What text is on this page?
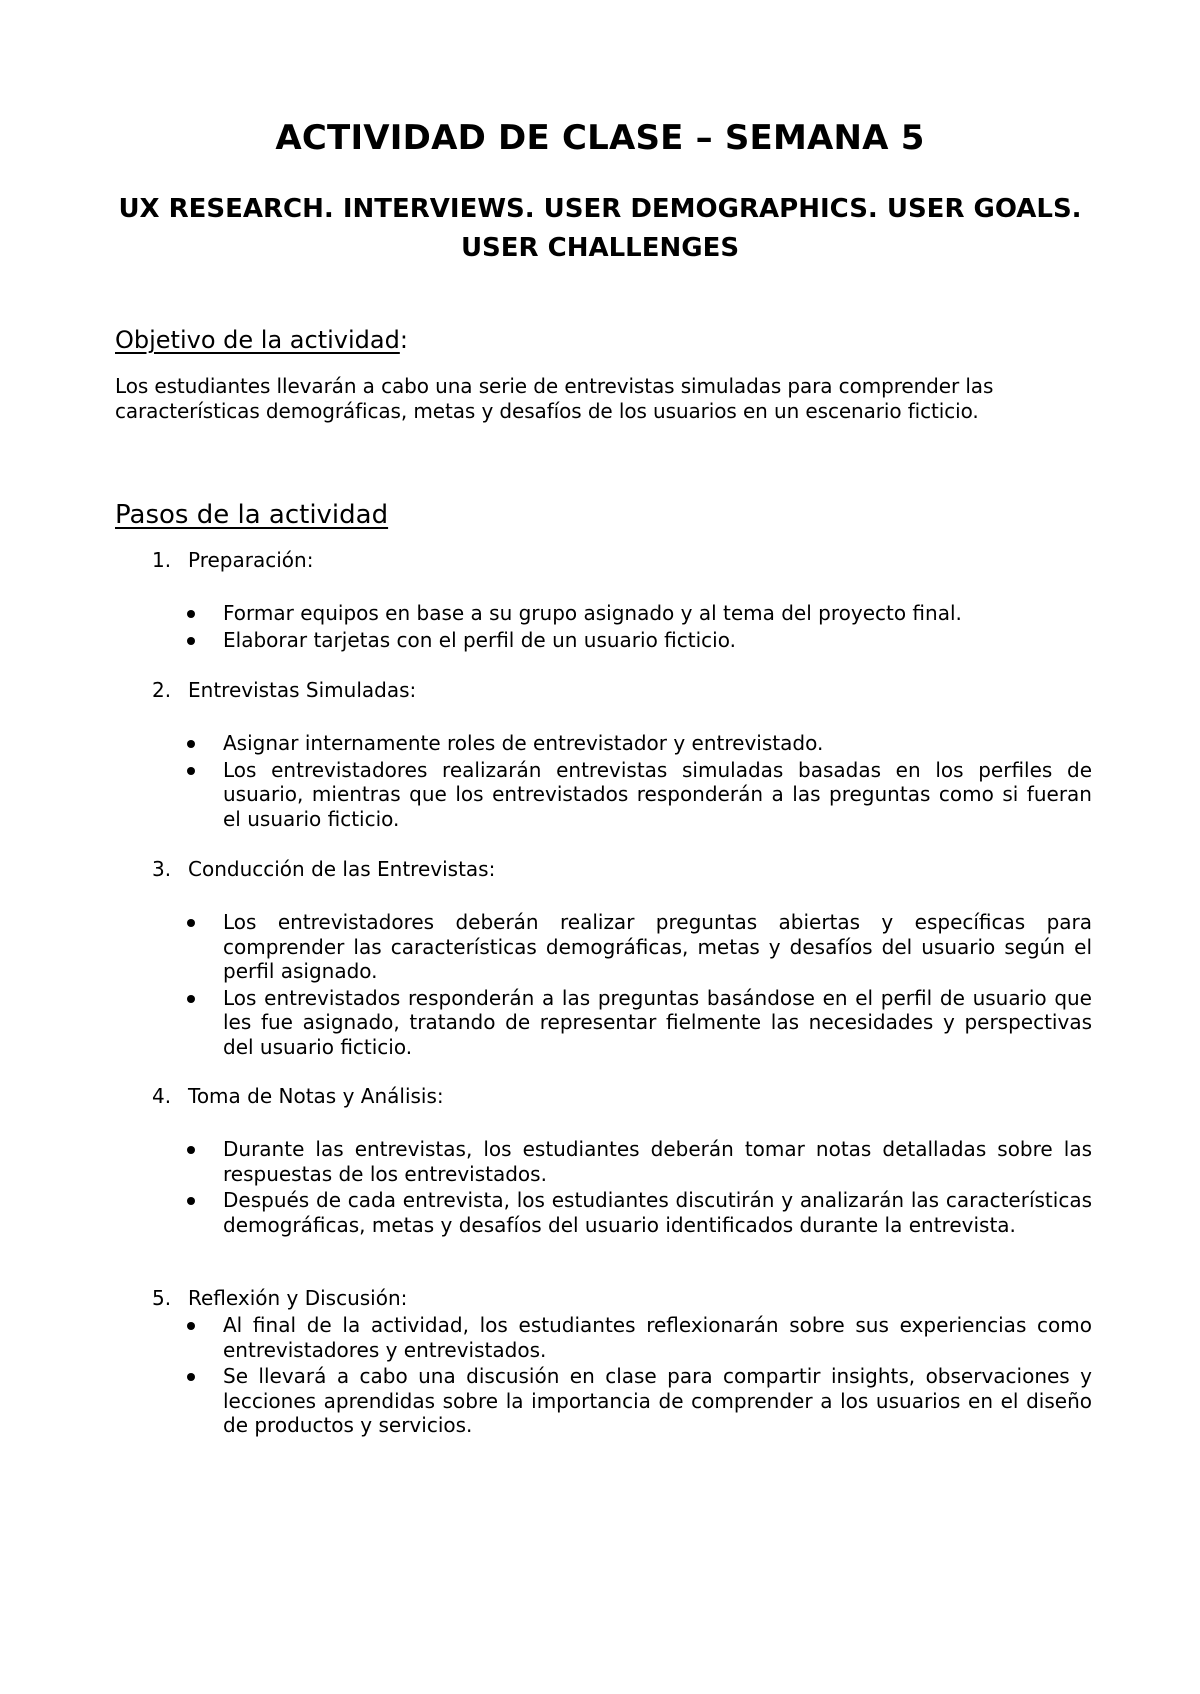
ACTIVIDAD DE CLASE – SEMANA 5
UX RESEARCH. INTERVIEWS. USER DEMOGRAPHICS. USER GOALS.
USER CHALLENGES
Objetivo de la actividad:

Los estudiantes llevarán a cabo una serie de entrevistas simuladas para comprender las características demográficas, metas y desafíos de los usuarios en un escenario ficticio.

Pasos de la actividad

1. Preparación:

Formar equipos en base a su grupo asignado y al tema del proyecto final.
Elaborar tarjetas con el perfil de un usuario ficticio.

2. Entrevistas Simuladas:

Asignar internamente roles de entrevistador y entrevistado.
Los entrevistadores realizarán entrevistas simuladas basadas en los perfiles de usuario, mientras que los entrevistados responderán a las preguntas como si fueran el usuario ficticio.

3. Conducción de las Entrevistas:

Los entrevistadores deberán realizar preguntas abiertas y específicas para comprender las características demográficas, metas y desafíos del usuario según el perfil asignado.
Los entrevistados responderán a las preguntas basándose en el perfil de usuario que les fue asignado, tratando de representar fielmente las necesidades y perspectivas del usuario ficticio.

4. Toma de Notas y Análisis:

Durante las entrevistas, los estudiantes deberán tomar notas detalladas sobre las respuestas de los entrevistados.
Después de cada entrevista, los estudiantes discutirán y analizarán las características demográficas, metas y desafíos del usuario identificados durante la entrevista.

5. Reflexión y Discusión:

Al final de la actividad, los estudiantes reflexionarán sobre sus experiencias como entrevistadores y entrevistados.
Se llevará a cabo una discusión en clase para compartir insights, observaciones y lecciones aprendidas sobre la importancia de comprender a los usuarios en el diseño de productos y servicios.
